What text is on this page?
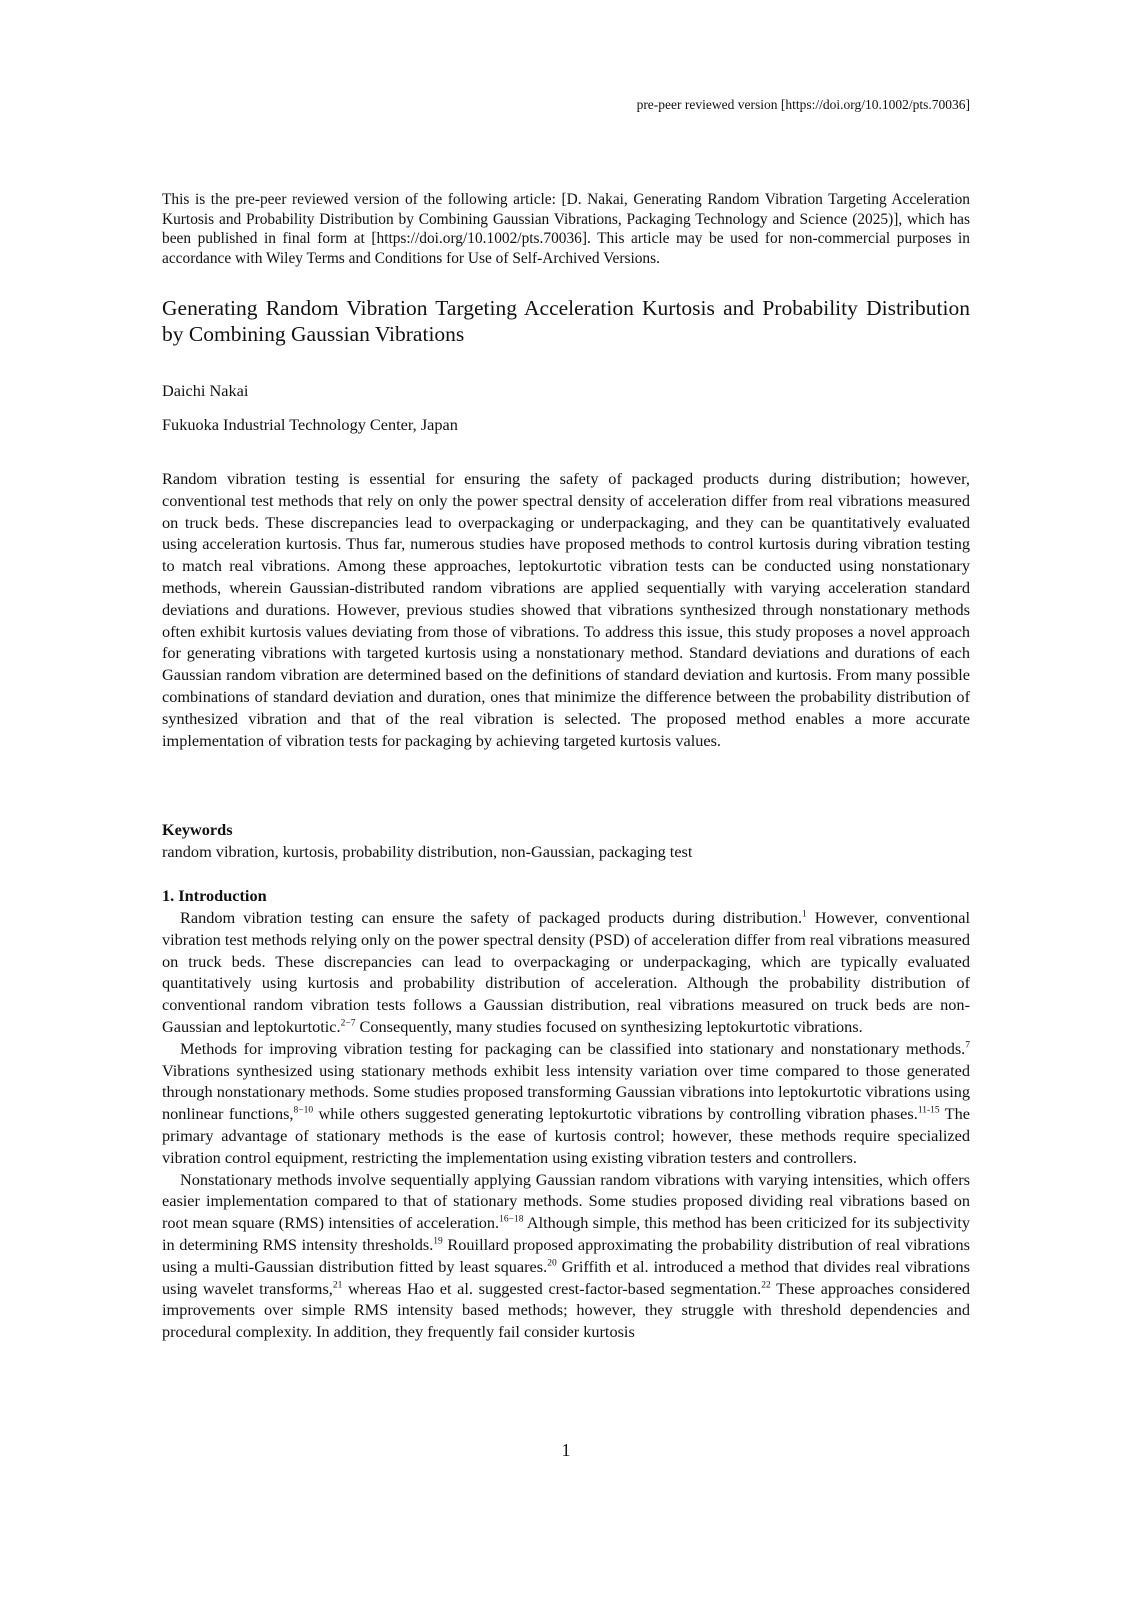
pre-peer reviewed version [https://doi.org/10.1002/pts.70036]
This is the pre-peer reviewed version of the following article: [D. Nakai, Generating Random Vibration Targeting Acceleration Kurtosis and Probability Distribution by Combining Gaussian Vibrations, Packaging Technology and Science (2025)], which has been published in final form at [https://doi.org/10.1002/pts.70036]. This article may be used for non-commercial purposes in accordance with Wiley Terms and Conditions for Use of Self-Archived Versions.
Generating Random Vibration Targeting Acceleration Kurtosis and Probability Distribution by Combining Gaussian Vibrations
Daichi Nakai
Fukuoka Industrial Technology Center, Japan
Random vibration testing is essential for ensuring the safety of packaged products during distribution; however, conventional test methods that rely on only the power spectral density of acceleration differ from real vibrations measured on truck beds. These discrepancies lead to overpackaging or underpackaging, and they can be quantitatively evaluated using acceleration kurtosis. Thus far, numerous studies have proposed methods to control kurtosis during vibration testing to match real vibrations. Among these approaches, leptokurtotic vibration tests can be conducted using nonstationary methods, wherein Gaussian-distributed random vibrations are applied sequentially with varying acceleration standard deviations and durations. However, previous studies showed that vibrations synthesized through nonstationary methods often exhibit kurtosis values deviating from those of vibrations. To address this issue, this study proposes a novel approach for generating vibrations with targeted kurtosis using a nonstationary method. Standard deviations and durations of each Gaussian random vibration are determined based on the definitions of standard deviation and kurtosis. From many possible combinations of standard deviation and duration, ones that minimize the difference between the probability distribution of synthesized vibration and that of the real vibration is selected. The proposed method enables a more accurate implementation of vibration tests for packaging by achieving targeted kurtosis values.
Keywords
random vibration, kurtosis, probability distribution, non-Gaussian, packaging test
1. Introduction

Random vibration testing can ensure the safety of packaged products during distribution.$^1$ However, conventional vibration test methods relying only on the power spectral density (PSD) of acceleration differ from real vibrations measured on truck beds. These discrepancies can lead to overpackaging or underpackaging, which are typically evaluated quantitatively using kurtosis and probability distribution of acceleration. Although the probability distribution of conventional random vibration tests follows a Gaussian distribution, real vibrations measured on truck beds are non-Gaussian and leptokurtotic.$^{2-7}$ Consequently, many studies focused on synthesizing leptokurtotic vibrations.

Methods for improving vibration testing for packaging can be classified into stationary and nonstationary methods.$^7$ Vibrations synthesized using stationary methods exhibit less intensity variation over time compared to those generated through nonstationary methods. Some studies proposed transforming Gaussian vibrations into leptokurtotic vibrations using nonlinear functions,$^{8-10}$ while others suggested generating leptokurtotic vibrations by controlling vibration phases.$^{11-15}$ The primary advantage of stationary methods is the ease of kurtosis control; however, these methods require specialized vibration control equipment, restricting the implementation using existing vibration testers and controllers.

Nonstationary methods involve sequentially applying Gaussian random vibrations with varying intensities, which offers easier implementation compared to that of stationary methods. Some studies proposed dividing real vibrations based on root mean square (RMS) intensities of acceleration.$^{16-18}$ Although simple, this method has been criticized for its subjectivity in determining RMS intensity thresholds.$^{19}$ Rouillard proposed approximating the probability distribution of real vibrations using a multi-Gaussian distribution fitted by least squares.$^{20}$ Griffith et al. introduced a method that divides real vibrations using wavelet transforms,$^{21}$ whereas Hao et al. suggested crest-factor-based segmentation.$^{22}$ These approaches considered improvements over simple RMS intensity based methods; however, they struggle with threshold dependencies and procedural complexity. In addition, they frequently fail consider kurtosis

1
